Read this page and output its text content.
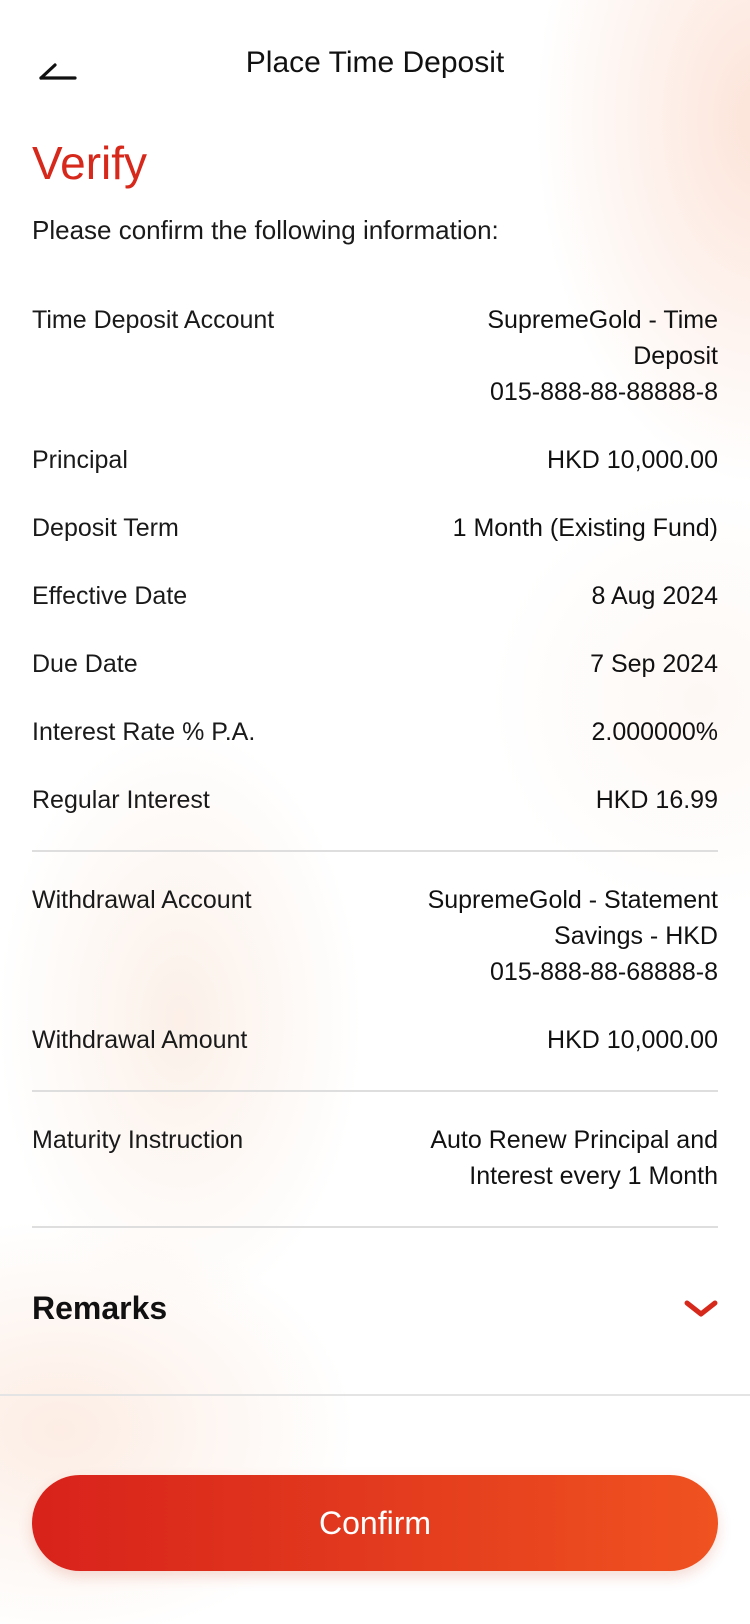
Place Time Deposit
Verify
Please confirm the following information:
Time Deposit Account	SupremeGold - Time
Deposit
015-888-88-88888-8
Principal	HKD 10,000.00
Deposit Term	1 Month (Existing Fund)
Effective Date	8 Aug 2024
Due Date	7 Sep 2024
Interest Rate % P.A.	2.000000%
Regular Interest	HKD 16.99
Withdrawal Account	SupremeGold - Statement
Savings - HKD
015-888-88-68888-8
Withdrawal Amount	HKD 10,000.00
Maturity Instruction	Auto Renew Principal and
Interest every 1 Month
Remarks
Confirm
